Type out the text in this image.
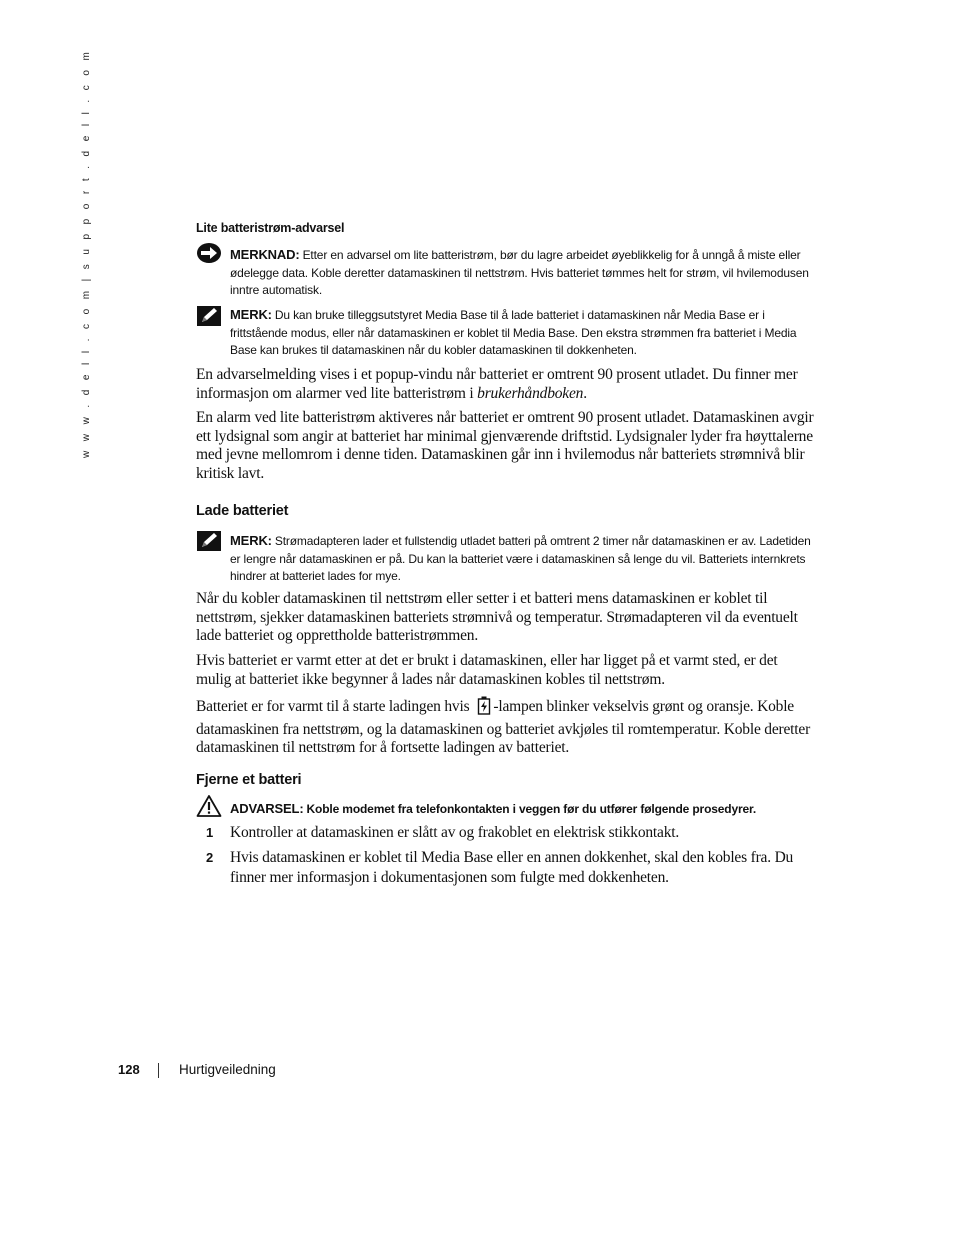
w w w . d e l l . c o m | s u p p o r t . d e l l . c o m	Lite batteristrøm-advarsel
MERKNAD: Etter en advarsel om lite batteristrøm, bør du lagre arbeidet øyeblikkelig for å unngå å miste eller ødelegge data. Koble deretter datamaskinen til nettstrøm. Hvis batteriet tømmes helt for strøm, vil hvilemodusen inntre automatisk.
MERK: Du kan bruke tilleggsutstyret Media Base til å lade batteriet i datamaskinen når Media Base er i frittstående modus, eller når datamaskinen er koblet til Media Base. Den ekstra strømmen fra batteriet i Media Base kan brukes til datamaskinen når du kobler datamaskinen til dokkenheten.

En advarselmelding vises i et popup-vindu når batteriet er omtrent 90 prosent utladet. Du finner mer informasjon om alarmer ved lite batteristrøm i brukerhåndboken.

En alarm ved lite batteristrøm aktiveres når batteriet er omtrent 90 prosent utladet. Datamaskinen avgir ett lydsignal som angir at batteriet har minimal gjenværende driftstid. Lydsignaler lyder fra høyttalerne med jevne mellomrom i denne tiden. Datamaskinen går inn i hvilemodus når batteriets strømnivå blir kritisk lavt.

Lade batteriet
MERK: Strømadapteren lader et fullstendig utladet batteri på omtrent 2 timer når datamaskinen er av. Ladetiden er lengre når datamaskinen er på. Du kan la batteriet være i datamaskinen så lenge du vil. Batteriets internkrets hindrer at batteriet lades for mye.

Når du kobler datamaskinen til nettstrøm eller setter i et batteri mens datamaskinen er koblet til nettstrøm, sjekker datamaskinen batteriets strømnivå og temperatur. Strømadapteren vil da eventuelt lade batteriet og opprettholde batteristrømmen.

Hvis batteriet er varmt etter at det er brukt i datamaskinen, eller har ligget på et varmt sted, er det mulig at batteriet ikke begynner å lades når datamaskinen kobles til nettstrøm.

Batteriet er for varmt til å starte ladingen hvis -lampen blinker vekselvis grønt og oransje. Koble datamaskinen fra nettstrøm, og la datamaskinen og batteriet avkjøles til romtemperatur. Koble deretter datamaskinen til nettstrøm for å fortsette ladingen av batteriet.

Fjerne et batteri
ADVARSEL: Koble modemet fra telefonkontakten i veggen før du utfører følgende prosedyrer.
1 Kontroller at datamaskinen er slått av og frakoblet en elektrisk stikkontakt.
2 Hvis datamaskinen er koblet til Media Base eller en annen dokkenhet, skal den kobles fra. Du finner mer informasjon i dokumentasjonen som fulgte med dokkenheten.
128	Hurtigveiledning
